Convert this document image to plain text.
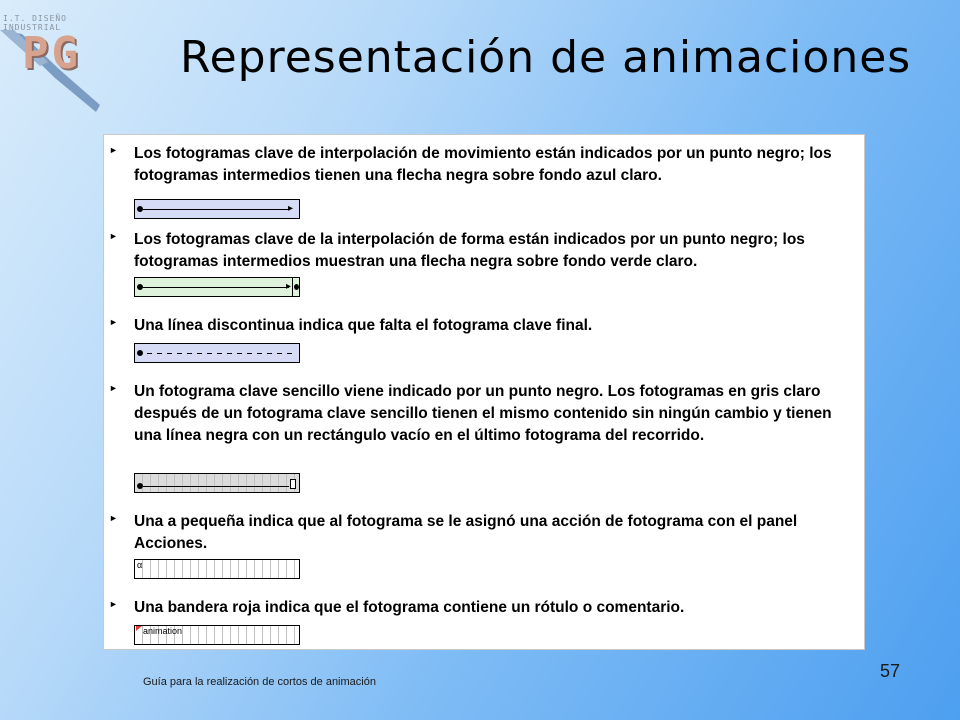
I.T. DISEÑO INDUSTRIAL
PG Representación de animaciones
► Los fotogramas clave de interpolación de movimiento están indicados por un punto negro; los fotogramas intermedios tienen una flecha negra sobre fondo azul claro.

▸
► Los fotogramas clave de la interpolación de forma están indicados por un punto negro; los fotogramas intermedios muestran una flecha negra sobre fondo verde claro.

▸
► Una línea discontinua indica que falta el fotograma clave final.

► Un fotograma clave sencillo viene indicado por un punto negro. Los fotogramas en gris claro después de un fotograma clave sencillo tienen el mismo contenido sin ningún cambio y tienen una línea negra con un rectángulo vacío en el último fotograma del recorrido.

► Una a pequeña indica que al fotograma se le asignó una acción de fotograma con el panel Acciones.

α
► Una bandera roja indica que el fotograma contiene un rótulo o comentario.

animation
Guía para la realización de cortos de animación
57
